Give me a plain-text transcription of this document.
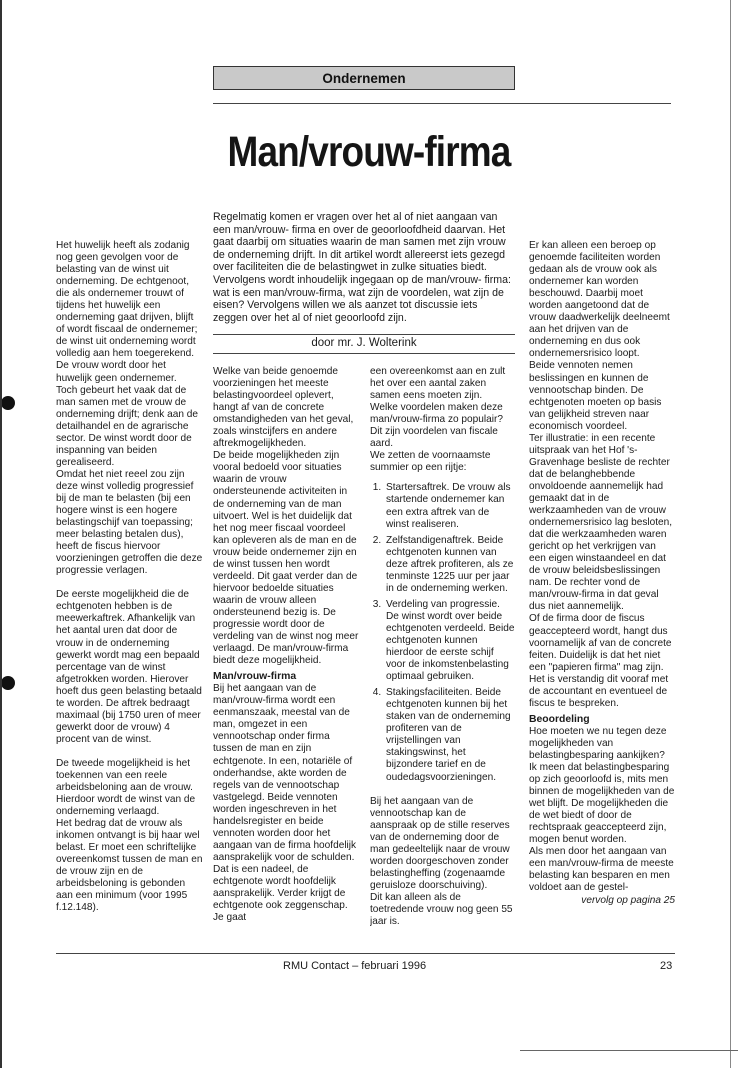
Ondernemen
Man/vrouw-firma

Regelmatig komen er vragen over het al of niet aangaan van een man/vrouw- firma en over de geoorloofdheid daarvan. Het gaat daarbij om situaties waarin de man samen met zijn vrouw de onderneming drijft. In dit artikel wordt allereerst iets gezegd over faciliteiten die de belastingwet in zulke situaties biedt. Vervolgens wordt inhoudelijk ingegaan op de man/vrouw- firma: wat is een man/vrouw-firma, wat zijn de voordelen, wat zijn de eisen? Vervolgens willen we als aanzet tot discussie iets zeggen over het al of niet geoorloofd zijn.

door mr. J. Wolterink

Het huwelijk heeft als zodanig nog geen gevolgen voor de belasting van de winst uit onderneming. De echtgenoot, die als ondernemer trouwt of tijdens het huwelijk een onderneming gaat drijven, blijft of wordt fiscaal de ondernemer; de winst uit onderneming wordt volledig aan hem toegerekend.

De vrouw wordt door het huwelijk geen ondernemer.

Toch gebeurt het vaak dat de man samen met de vrouw de onderneming drijft; denk aan de detailhandel en de agrarische sector. De winst wordt door de inspanning van beiden gerealiseerd.

Omdat het niet reeel zou zijn deze winst volledig progressief bij de man te belasten (bij een hogere winst is een hogere belastingschijf van toepassing; meer belasting betalen dus), heeft de fiscus hiervoor voorzieningen getroffen die deze progressie verlagen.

De eerste mogelijkheid die de echtgenoten hebben is de meewerkaftrek. Afhankelijk van het aantal uren dat door de vrouw in de onderneming gewerkt wordt mag een bepaald percentage van de winst afgetrokken worden. Hierover hoeft dus geen belasting betaald te worden. De aftrek bedraagt maximaal (bij 1750 uren of meer gewerkt door de vrouw) 4 procent van de winst.

De tweede mogelijkheid is het toekennen van een reele arbeidsbeloning aan de vrouw. Hierdoor wordt de winst van de onderneming verlaagd.

Het bedrag dat de vrouw als inkomen ontvangt is bij haar wel belast. Er moet een schriftelijke overeenkomst tussen de man en de vrouw zijn en de arbeidsbeloning is gebonden aan een minimum (voor 1995 f.12.148).

Welke van beide genoemde voorzieningen het meeste belastingvoordeel oplevert, hangt af van de concrete omstandigheden van het geval, zoals winstcijfers en andere aftrekmogelijkheden.

De beide mogelijkheden zijn vooral bedoeld voor situaties waarin de vrouw ondersteunende activiteiten in de onderneming van de man uitvoert. Wel is het duidelijk dat het nog meer fiscaal voordeel kan opleveren als de man en de vrouw beide ondernemer zijn en de winst tussen hen wordt verdeeld. Dit gaat verder dan de hiervoor bedoelde situaties waarin de vrouw alleen ondersteunend bezig is. De progressie wordt door de verdeling van de winst nog meer verlaagd. De man/vrouw-firma biedt deze mogelijkheid.

Man/vrouw-firma

Bij het aangaan van de man/vrouw-firma wordt een eenmanszaak, meestal van de man, omgezet in een vennootschap onder firma tussen de man en zijn echtgenote. In een, notariële of onderhandse, akte worden de regels van de vennootschap vastgelegd. Beide vennoten worden ingeschreven in het handelsregister en beide vennoten worden door het aangaan van de firma hoofdelijk aansprakelijk voor de schulden.

Dat is een nadeel, de echtgenote wordt hoofdelijk aansprakelijk. Verder krijgt de echtgenote ook zeggenschap. Je gaat

een overeenkomst aan en zult het over een aantal zaken samen eens moeten zijn.

Welke voordelen maken deze man/vrouw-firma zo populair? Dit zijn voordelen van fiscale aard.

We zetten de voornaamste summier op een rijtje:

1. Startersaftrek. De vrouw als startende ondernemer kan een extra aftrek van de winst realiseren.
2. Zelfstandigenaftrek. Beide echtgenoten kunnen van deze aftrek profiteren, als ze tenminste 1225 uur per jaar in de onderneming werken.
3. Verdeling van progressie. De winst wordt over beide echtgenoten verdeeld. Beide echtgenoten kunnen hierdoor de eerste schijf voor de inkomstenbelasting optimaal gebruiken.
4. Stakingsfaciliteiten. Beide echtgenoten kunnen bij het staken van de onderneming profiteren van de vrijstellingen van stakingswinst, het bijzondere tarief en de oudedagsvoorzieningen.

Bij het aangaan van de vennootschap kan de aanspraak op de stille reserves van de onderneming door de man gedeeltelijk naar de vrouw worden doorgeschoven zonder belastingheffing (zogenaamde geruisloze doorschuiving).

Dit kan alleen als de toetredende vrouw nog geen 55 jaar is.

Er kan alleen een beroep op genoemde faciliteiten worden gedaan als de vrouw ook als ondernemer kan worden beschouwd. Daarbij moet worden aangetoond dat de vrouw daadwerkelijk deelneemt aan het drijven van de onderneming en dus ook ondernemersrisico loopt.

Beide vennoten nemen beslissingen en kunnen de vennootschap binden. De echtgenoten moeten op basis van gelijkheid streven naar economisch voordeel.

Ter illustratie: in een recente uitspraak van het Hof 's-Gravenhage besliste de rechter dat de belanghebbende onvoldoende aannemelijk had gemaakt dat in de werkzaamheden van de vrouw ondernemersrisico lag besloten, dat die werkzaamheden waren gericht op het verkrijgen van een eigen winstaandeel en dat de vrouw beleidsbeslissingen nam. De rechter vond de man/vrouw-firma in dat geval dus niet aannemelijk.

Of de firma door de fiscus geaccepteerd wordt, hangt dus voornamelijk af van de concrete feiten. Duidelijk is dat het niet een "papieren firma" mag zijn. Het is verstandig dit vooraf met de accountant en eventueel de fiscus te bespreken.

Beoordeling

Hoe moeten we nu tegen deze mogelijkheden van belastingbesparing aankijken?

Ik meen dat belastingbesparing op zich geoorloofd is, mits men binnen de mogelijkheden van de wet blijft. De mogelijkheden die de wet biedt of door de rechtspraak geaccepteerd zijn, mogen benut worden.

Als men door het aangaan van een man/vrouw-firma de meeste belasting kan besparen en men voldoet aan de gestel-

vervolg op pagina 25

RMU Contact – februari 1996	23
